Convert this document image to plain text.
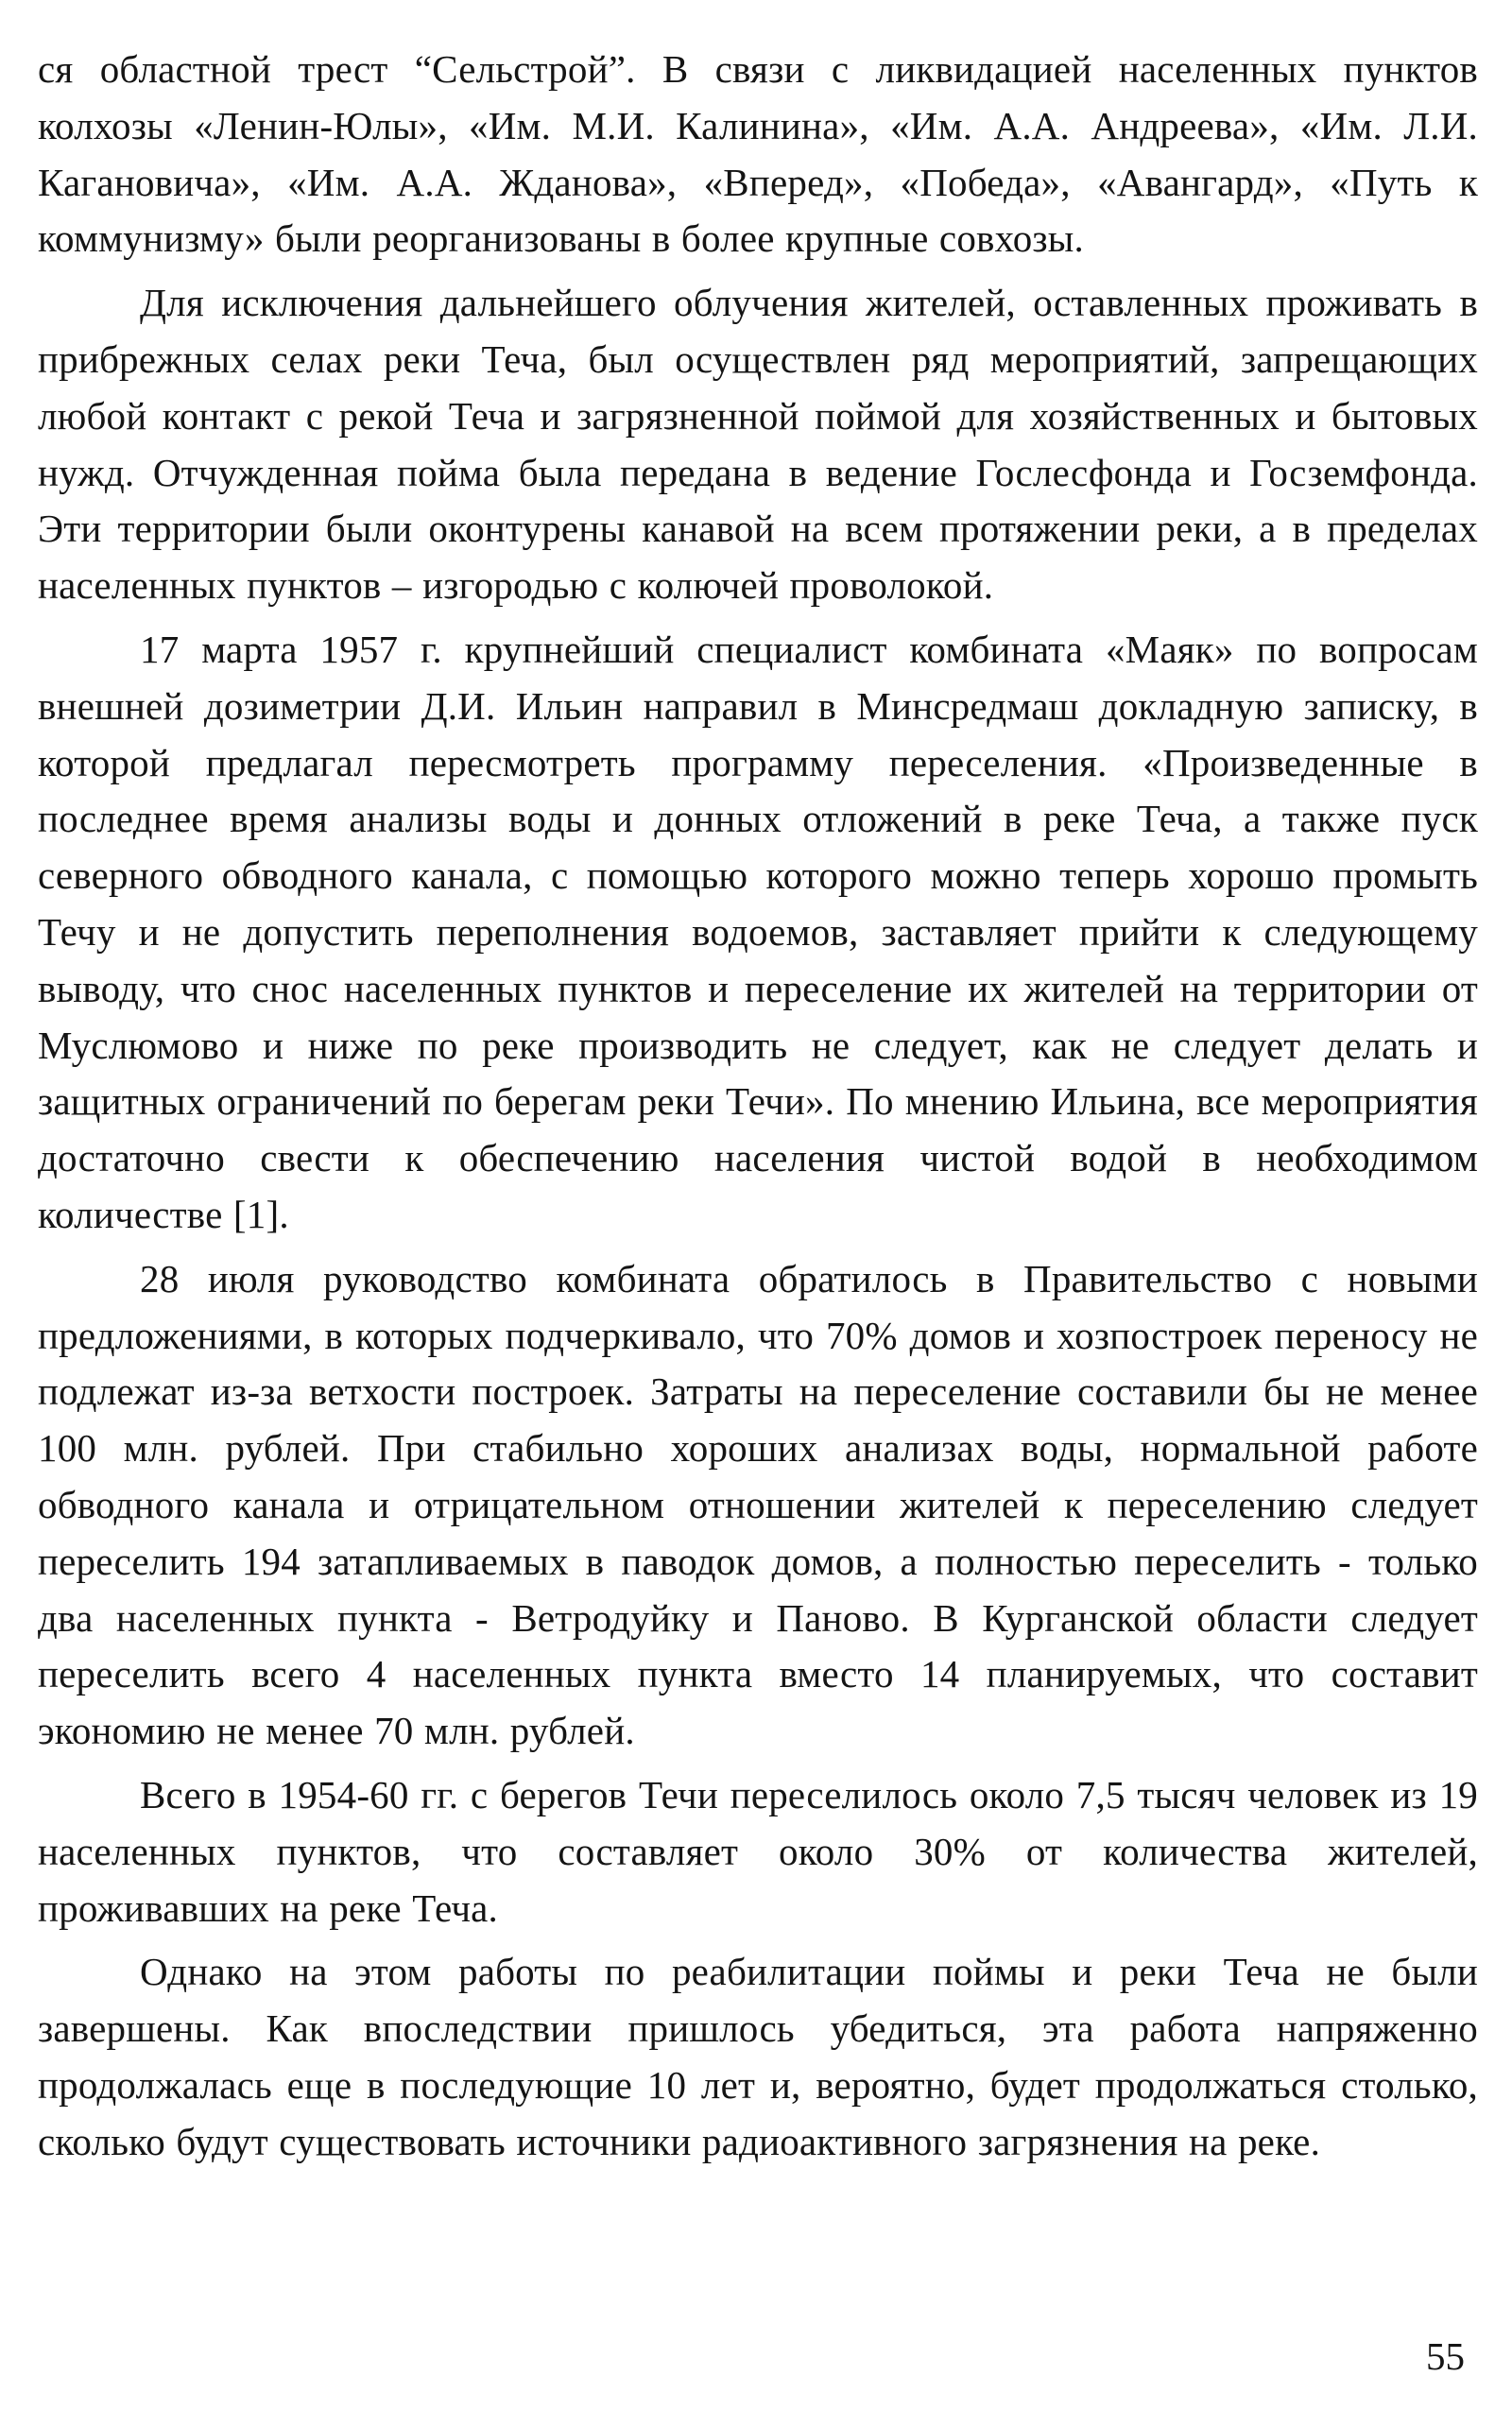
ся областной трест “Сельстрой”. В связи с ликвидацией населенных пунктов колхозы «Ленин-Юлы», «Им. М.И. Калинина», «Им. А.А. Андреева», «Им. Л.И. Кагановича», «Им. А.А. Жданова», «Вперед», «Победа», «Авангард», «Путь к коммунизму» были реорганизованы в более крупные совхозы.

Для исключения дальнейшего облучения жителей, оставленных проживать в прибрежных селах реки Теча, был осуществлен ряд мероприятий, запрещающих любой контакт с рекой Теча и загрязненной поймой для хозяйственных и бытовых нужд. Отчужденная пойма была передана в ведение Гослесфонда и Госземфонда. Эти территории были оконтурены канавой на всем протяжении реки, а в пределах населенных пунктов – изгородью с колючей проволокой.

17 марта 1957 г. крупнейший специалист комбината «Маяк» по вопросам внешней дозиметрии Д.И. Ильин направил в Минсредмаш докладную записку, в которой предлагал пересмотреть программу переселения. «Произведенные в последнее время анализы воды и донных отложений в реке Теча, а также пуск северного обводного канала, с помощью которого можно теперь хорошо промыть Течу и не допустить переполнения водоемов, заставляет прийти к следующему выводу, что снос населенных пунктов и переселение их жителей на территории от Муслюмово и ниже по реке производить не следует, как не следует делать и защитных ограничений по берегам реки Течи». По мнению Ильина, все мероприятия достаточно свести к обеспечению населения чистой водой в необходимом количестве [1].

28 июля руководство комбината обратилось в Правительство с новыми предложениями, в которых подчеркивало, что 70% домов и хозпостроек переносу не подлежат из-за ветхости построек. Затраты на переселение составили бы не менее 100 млн. рублей. При стабильно хороших анализах воды, нормальной работе обводного канала и отрицательном отношении жителей к переселению следует переселить 194 затапливаемых в паводок домов, а полностью переселить - только два населенных пункта - Ветродуйку и Паново. В Курганской области следует переселить всего 4 населенных пункта вместо 14 планируемых, что составит экономию не менее 70 млн. рублей.

Всего в 1954-60 гг. с берегов Течи переселилось около 7,5 тысяч человек из 19 населенных пунктов, что составляет около 30% от количества жителей, проживавших на реке Теча.

Однако на этом работы по реабилитации поймы и реки Теча не были завершены. Как впоследствии пришлось убедиться, эта работа напряженно продолжалась еще в последующие 10 лет и, вероятно, будет продолжаться столько, сколько будут существовать источники радиоактивного загрязнения на реке.

55
